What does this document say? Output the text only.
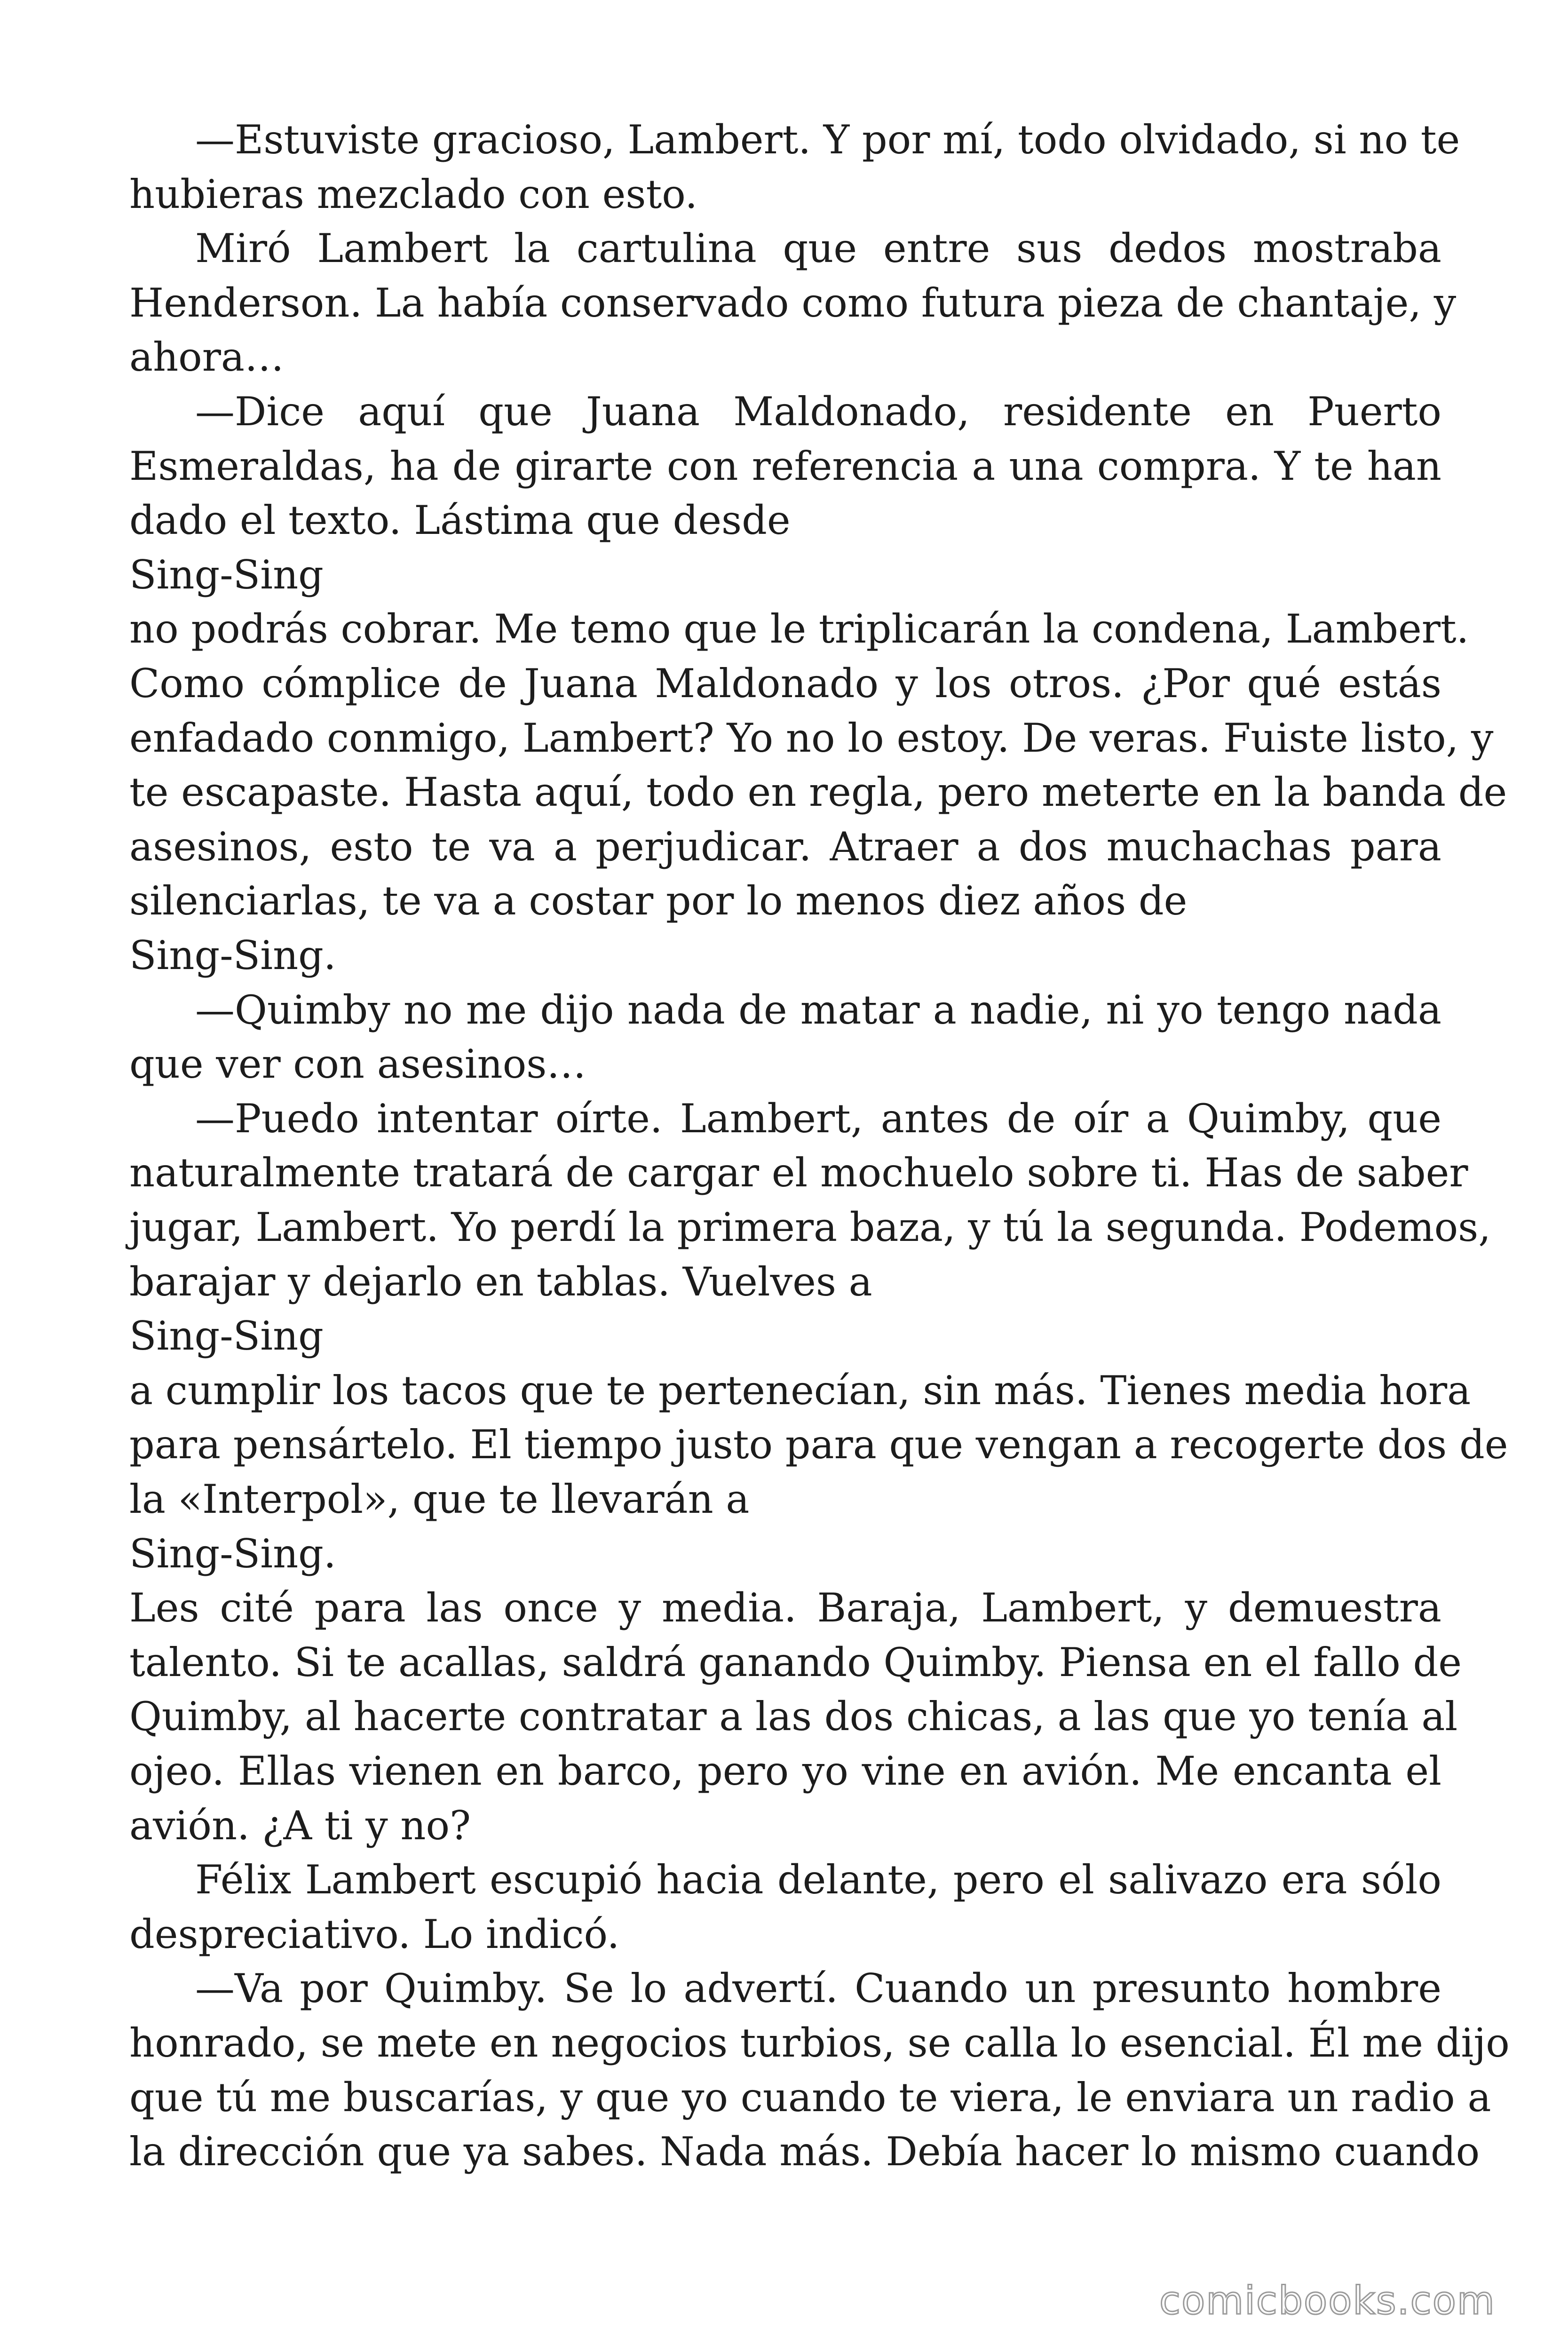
—Estuviste gracioso, Lambert. Y por mí, todo olvidado, si no te
hubieras mezclado con esto.
Miró Lambert la cartulina que entre sus dedos mostraba
Henderson. La había conservado como futura pieza de chantaje, y
ahora…
—Dice aquí que Juana Maldonado, residente en Puerto
Esmeraldas, ha de girarte con referencia a una compra. Y te han
dado el texto. Lástima que desde
Sing-Sing
no podrás cobrar. Me temo que le triplicarán la condena, Lambert.
Como cómplice de Juana Maldonado y los otros. ¿Por qué estás
enfadado conmigo, Lambert? Yo no lo estoy. De veras. Fuiste listo, y
te escapaste. Hasta aquí, todo en regla, pero meterte en la banda de
asesinos, esto te va a perjudicar. Atraer a dos muchachas para
silenciarlas, te va a costar por lo menos diez años de
Sing-Sing.
—Quimby no me dijo nada de matar a nadie, ni yo tengo nada
que ver con asesinos…
—Puedo intentar oírte. Lambert, antes de oír a Quimby, que
naturalmente tratará de cargar el mochuelo sobre ti. Has de saber
jugar, Lambert. Yo perdí la primera baza, y tú la segunda. Podemos,
barajar y dejarlo en tablas. Vuelves a
Sing-Sing
a cumplir los tacos que te pertenecían, sin más. Tienes media hora
para pensártelo. El tiempo justo para que vengan a recogerte dos de
la «Interpol», que te llevarán a
Sing-Sing.
Les cité para las once y media. Baraja, Lambert, y demuestra
talento. Si te acallas, saldrá ganando Quimby. Piensa en el fallo de
Quimby, al hacerte contratar a las dos chicas, a las que yo tenía al
ojeo. Ellas vienen en barco, pero yo vine en avión. Me encanta el
avión. ¿A ti y no?
Félix Lambert escupió hacia delante, pero el salivazo era sólo
despreciativo. Lo indicó.
—Va por Quimby. Se lo advertí. Cuando un presunto hombre
honrado, se mete en negocios turbios, se calla lo esencial. Él me dijo
que tú me buscarías, y que yo cuando te viera, le enviara un radio a
la dirección que ya sabes. Nada más. Debía hacer lo mismo cuando
comicbooks.com
